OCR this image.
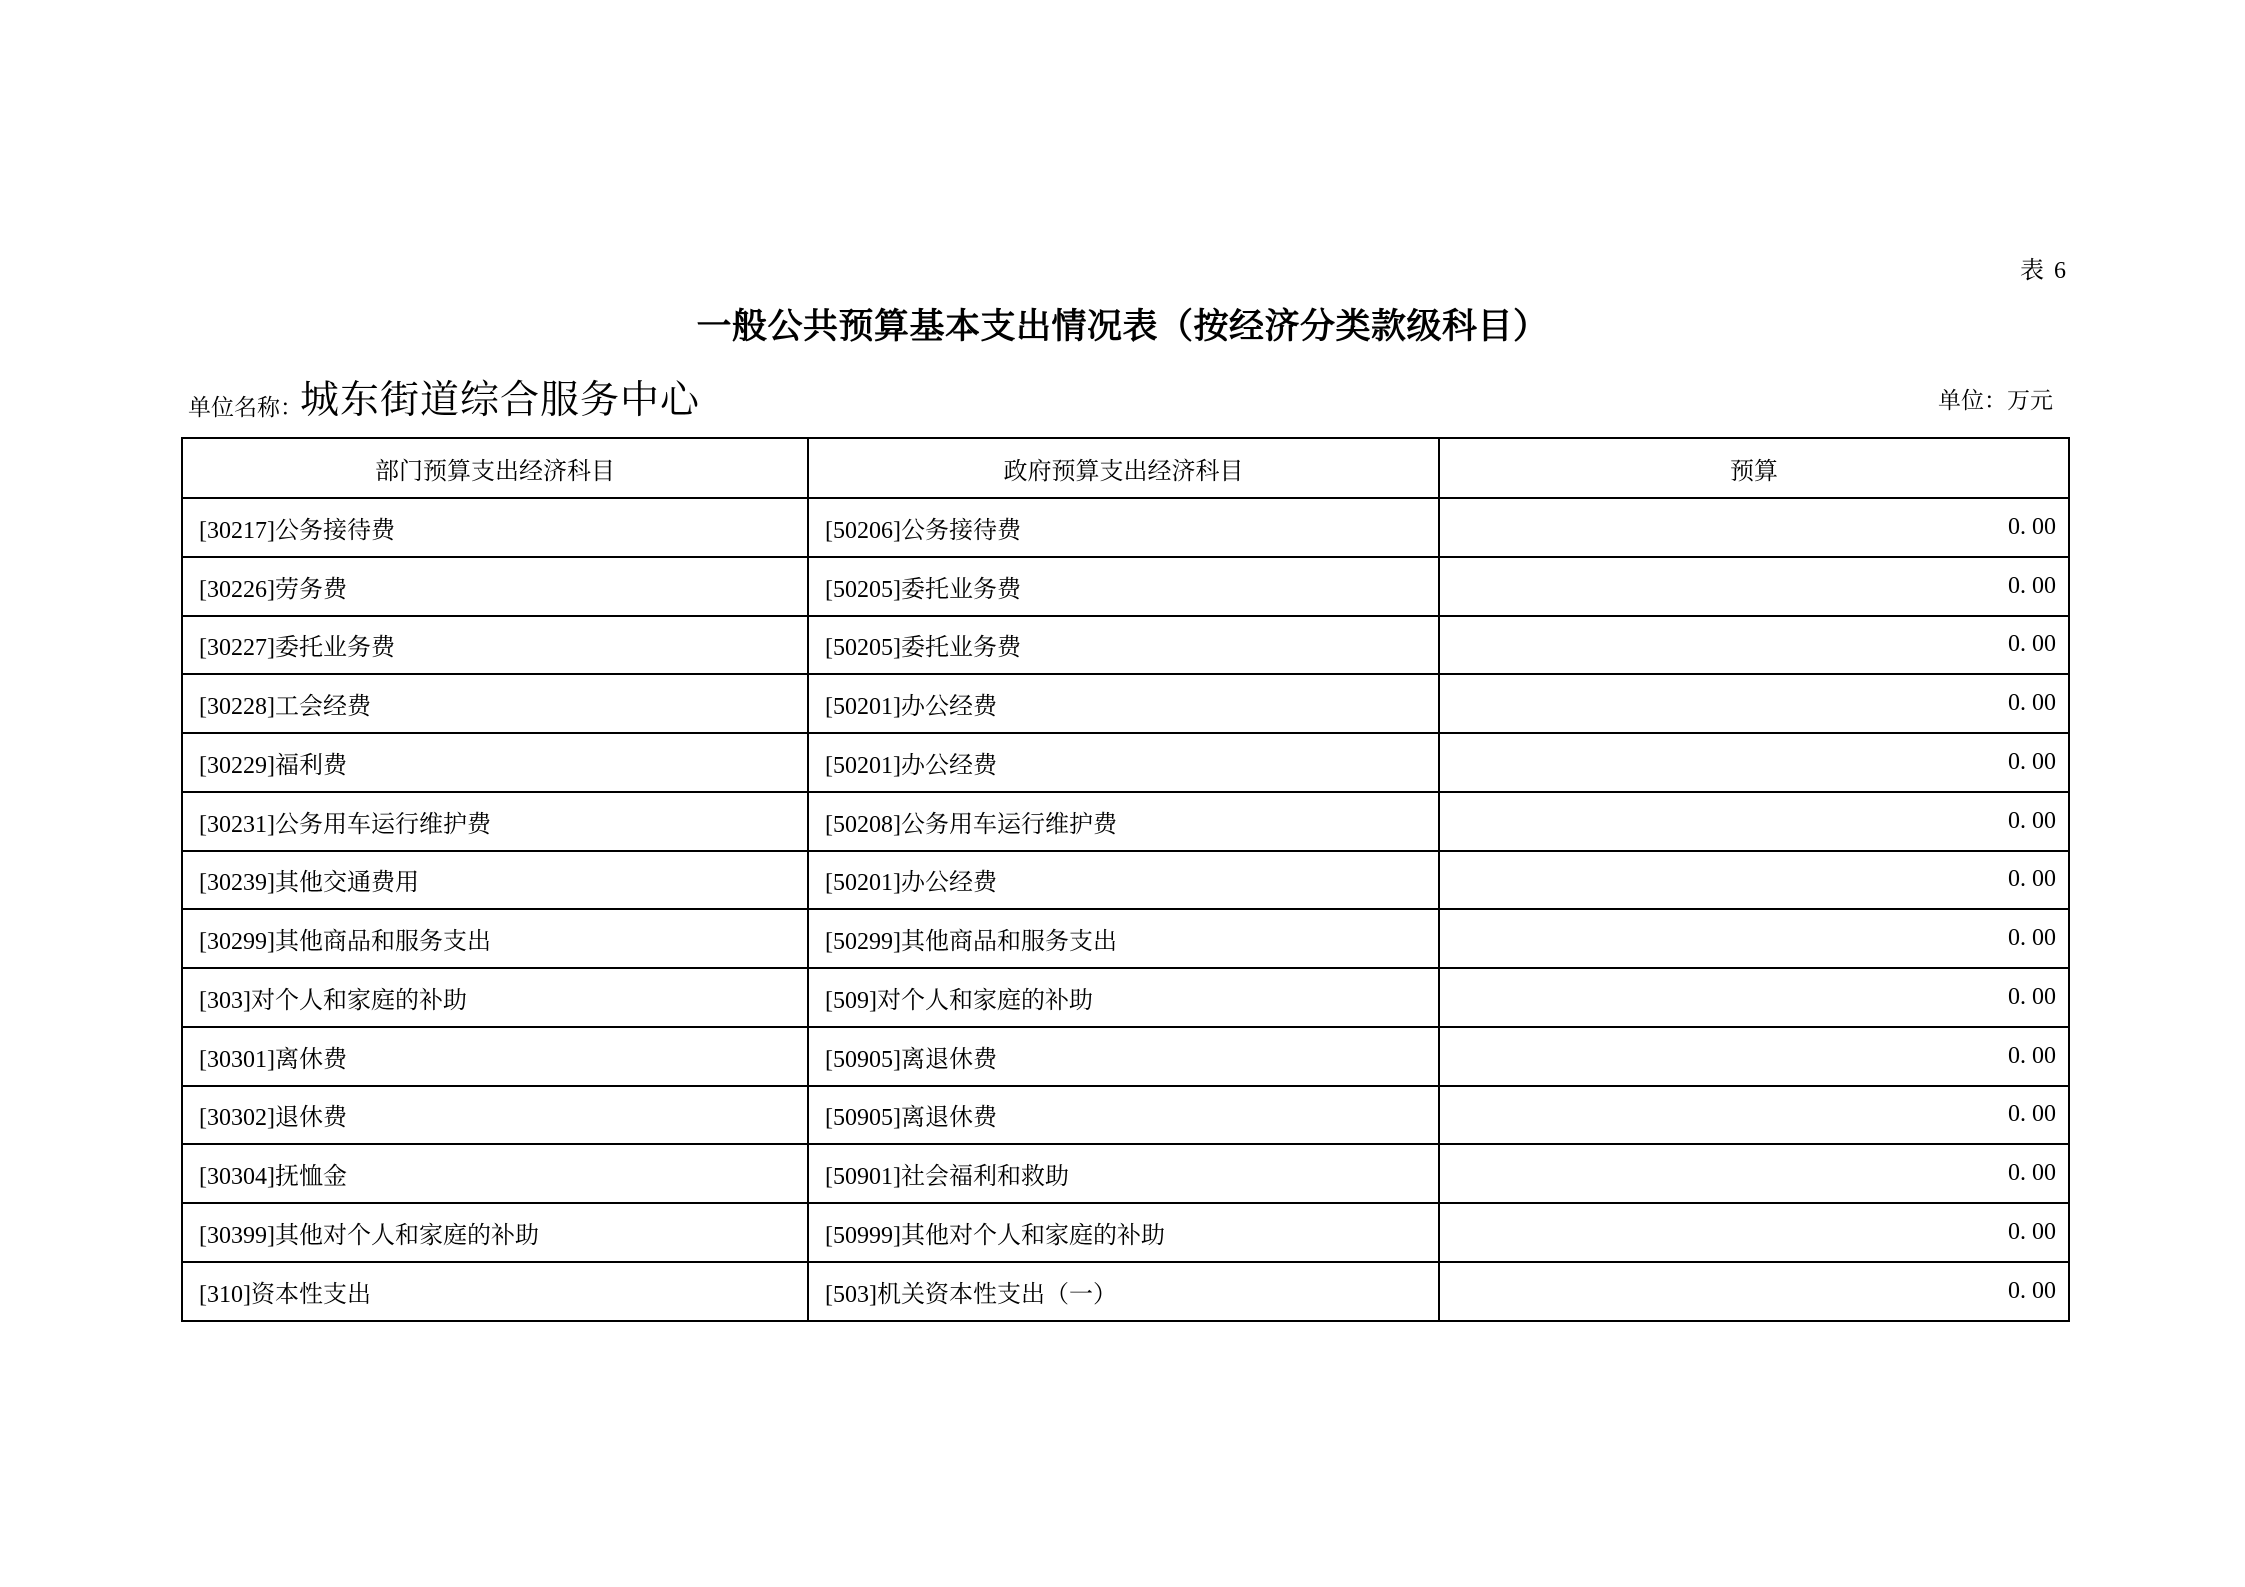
表 6
一般公共预算基本支出情况表（按经济分类款级科目）
单位名称：
城东街道综合服务中心	单位：万元
部门预算支出经济科目	政府预算支出经济科目	预算
[30217]公务接待费	[50206]公务接待费	0. 00
[30226]劳务费	[50205]委托业务费	0. 00
[30227]委托业务费	[50205]委托业务费	0. 00
[30228]工会经费	[50201]办公经费	0. 00
[30229]福利费	[50201]办公经费	0. 00
[30231]公务用车运行维护费	[50208]公务用车运行维护费	0. 00
[30239]其他交通费用	[50201]办公经费	0. 00
[30299]其他商品和服务支出	[50299]其他商品和服务支出	0. 00
[303]对个人和家庭的补助	[509]对个人和家庭的补助	0. 00
[30301]离休费	[50905]离退休费	0. 00
[30302]退休费	[50905]离退休费	0. 00
[30304]抚恤金	[50901]社会福利和救助	0. 00
[30399]其他对个人和家庭的补助	[50999]其他对个人和家庭的补助	0. 00
[310]资本性支出	[503]机关资本性支出（一）	0. 00
